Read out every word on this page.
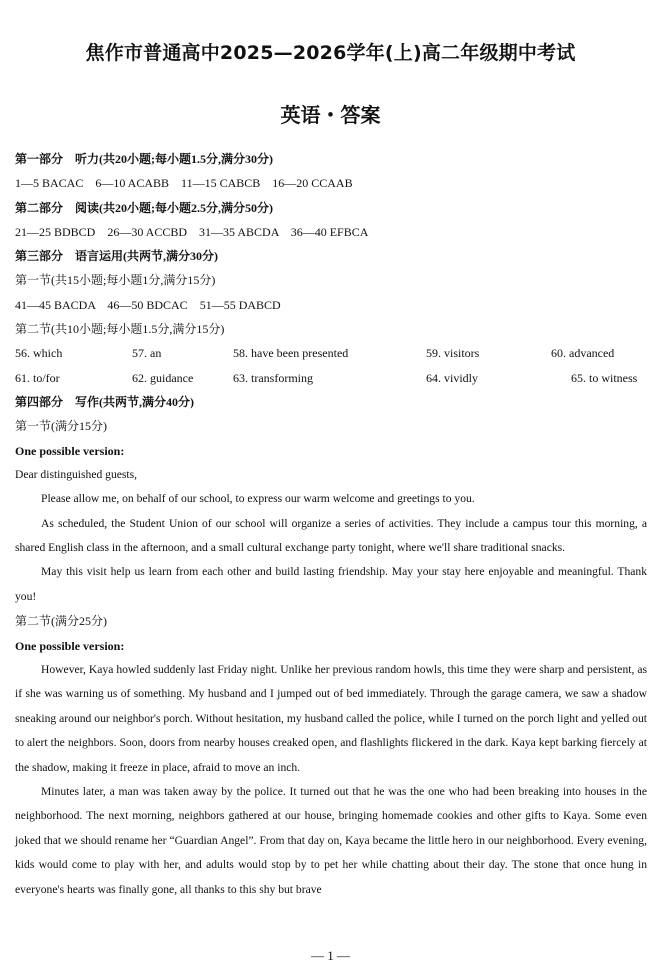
焦作市普通高中2025—2026学年(上)高二年级期中考试
英语・答案
第一部分　听力(共20小题;每小题1.5分,满分30分)
1—5 BACAC　6—10 ACABB　11—15 CABCB　16—20 CCAAB
第二部分　阅读(共20小题;每小题2.5分,满分50分)
21—25 BDBCD　26—30 ACCBD　31—35 ABCDA　36—40 EFBCA
第三部分　语言运用(共两节,满分30分)
第一节(共15小题;每小题1分,满分15分)
41—45 BACDA　46—50 BDCAC　51—55 DABCD
第二节(共10小题;每小题1.5分,满分15分)
56. which	57. an	58. have been presented	59. visitors	60. advanced
61. to/for	62. guidance	63. transforming	64. vividly	65. to witness
第四部分　写作(共两节,满分40分)
第一节(满分15分)
One possible version:
Dear distinguished guests,
Please allow me, on behalf of our school, to express our warm welcome and greetings to you.
As scheduled, the Student Union of our school will organize a series of activities. They include a campus tour this morning, a shared English class in the afternoon, and a small cultural exchange party tonight, where we'll share traditional snacks.
May this visit help us learn from each other and build lasting friendship. May your stay here enjoyable and meaningful. Thank you!
第二节(满分25分)
One possible version:
However, Kaya howled suddenly last Friday night. Unlike her previous random howls, this time they were sharp and persistent, as if she was warning us of something. My husband and I jumped out of bed immediately. Through the garage camera, we saw a shadow sneaking around our neighbor's porch. Without hesitation, my husband called the police, while I turned on the porch light and yelled out to alert the neighbors. Soon, doors from nearby houses creaked open, and flashlights flickered in the dark. Kaya kept barking fiercely at the shadow, making it freeze in place, afraid to move an inch.
Minutes later, a man was taken away by the police. It turned out that he was the one who had been breaking into houses in the neighborhood. The next morning, neighbors gathered at our house, bringing homemade cookies and other gifts to Kaya. Some even joked that we should rename her “Guardian Angel”. From that day on, Kaya became the little hero in our neighborhood. Every evening, kids would come to play with her, and adults would stop by to pet her while chatting about their day. The stone that once hung in everyone's hearts was finally gone, all thanks to this shy but brave
— 1 —
